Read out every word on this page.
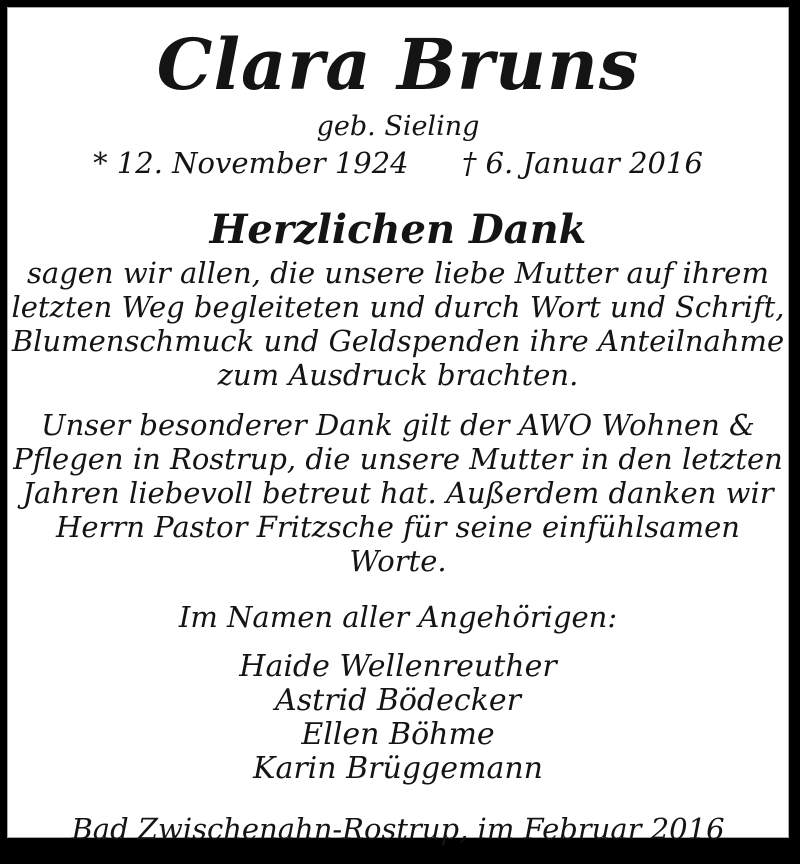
Clara Bruns
geb. Sieling
* 12. November 1924 † 6. Januar 2016
Herzlichen Dank
sagen wir allen, die unsere liebe Mutter auf ihrem
letzten Weg begleiteten und durch Wort und Schrift,
Blumenschmuck und Geldspenden ihre Anteilnahme
zum Ausdruck brachten.
Unser besonderer Dank gilt der AWO Wohnen &
Pflegen in Rostrup, die unsere Mutter in den letzten
Jahren liebevoll betreut hat. Außerdem danken wir
Herrn Pastor Fritzsche für seine einfühlsamen Worte.
Im Namen aller Angehörigen:
Haide Wellenreuther
Astrid Bödecker
Ellen Böhme
Karin Brüggemann
Bad Zwischenahn-Rostrup, im Februar 2016
